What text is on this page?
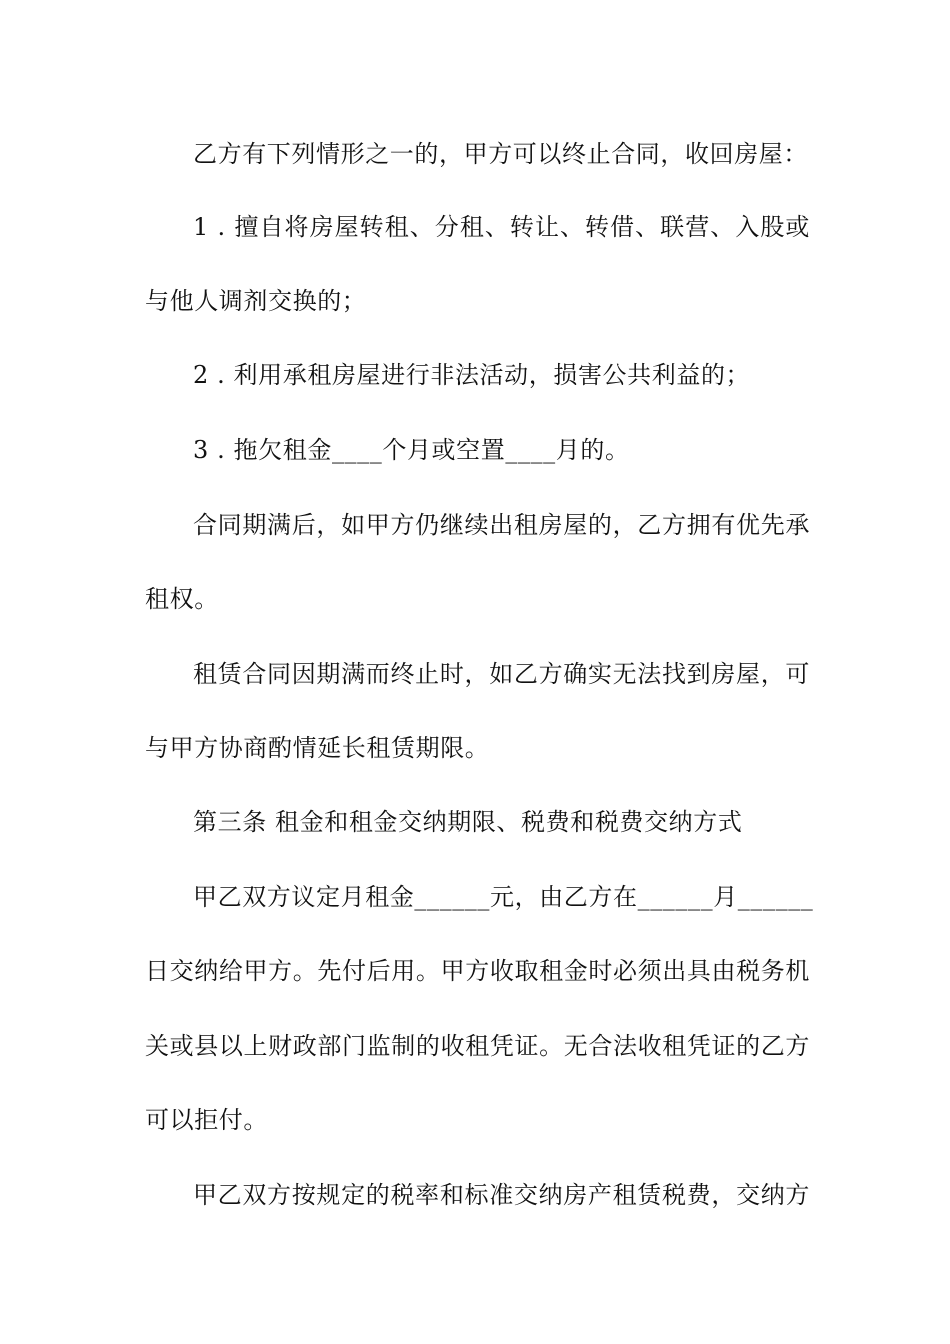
乙方有下列情形之一的，甲方可以终止合同，收回房屋：
1 . 擅自将房屋转租、分租、转让、转借、联营、入股或
与他人调剂交换的；
2 . 利用承租房屋进行非法活动，损害公共利益的；
3 . 拖欠租金____个月或空置____月的。
合同期满后，如甲方仍继续出租房屋的，乙方拥有优先承
租权。
租赁合同因期满而终止时，如乙方确实无法找到房屋，可
与甲方协商酌情延长租赁期限。
第三条 租金和租金交纳期限、税费和税费交纳方式
甲乙双方议定月租金______元，由乙方在______月______
日交纳给甲方。先付后用。甲方收取租金时必须出具由税务机
关或县以上财政部门监制的收租凭证。无合法收租凭证的乙方
可以拒付。
甲乙双方按规定的税率和标准交纳房产租赁税费，交纳方
